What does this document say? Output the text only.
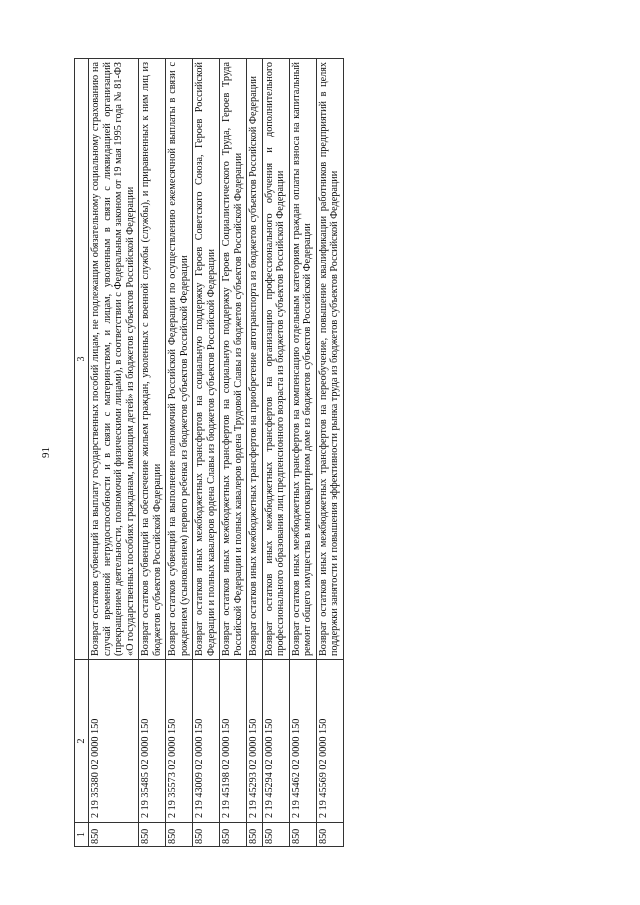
91
1	2	3
850	2 19 35380 02 0000 150	Возврат остатков субвенций на выплату государственных пособий лицам, не подлежащим обязательному социальному страхованию на случай временной нетрудоспособности и в связи с материнством, и лицам, уволенным в связи с ликвидацией организаций (прекращением деятельности, полномочий физическими лицами), в соответствии с Федеральным законом от 19 мая 1995 года № 81-ФЗ «О государственных пособиях гражданам, имеющим детей» из бюджетов субъектов Российской Федерации
850	2 19 35485 02 0000 150	Возврат остатков субвенций на обеспечение жильем граждан, уволенных с военной службы (службы), и приравненных к ним лиц из бюджетов субъектов Российской Федерации
850	2 19 35573 02 0000 150	Возврат остатков субвенций на выполнение полномочий Российской Федерации по осуществлению ежемесячной выплаты в связи с рождением (усыновлением) первого ребенка из бюджетов субъектов Российской Федерации
850	2 19 43009 02 0000 150	Возврат остатков иных межбюджетных трансфертов на социальную поддержку Героев Советского Союза, Героев Российской Федерации и полных кавалеров ордена Славы из бюджетов субъектов Российской Федерации
850	2 19 45198 02 0000 150	Возврат остатков иных межбюджетных трансфертов на социальную поддержку Героев Социалистического Труда, Героев Труда Российской Федерации и полных кавалеров ордена Трудовой Славы из бюджетов субъектов Российской Федерации
850	2 19 45293 02 0000 150	Возврат остатков иных межбюджетных трансфертов на приобретение автотранспорта из бюджетов субъектов Российской Федерации
850	2 19 45294 02 0000 150	Возврат остатков иных межбюджетных трансфертов на организацию профессионального обучения и дополнительного профессионального образования лиц предпенсионного возраста из бюджетов субъектов Российской Федерации
850	2 19 45462 02 0000 150	Возврат остатков иных межбюджетных трансфертов на компенсацию отдельным категориям граждан оплаты взноса на капитальный ремонт общего имущества в многоквартирном доме из бюджетов субъектов Российской Федерации
850	2 19 45569 02 0000 150	Возврат остатков иных межбюджетных трансфертов на переобучение, повышение квалификации работников предприятий в целях поддержки занятости и повышения эффективности рынка труда из бюджетов субъектов Российской Федерации
